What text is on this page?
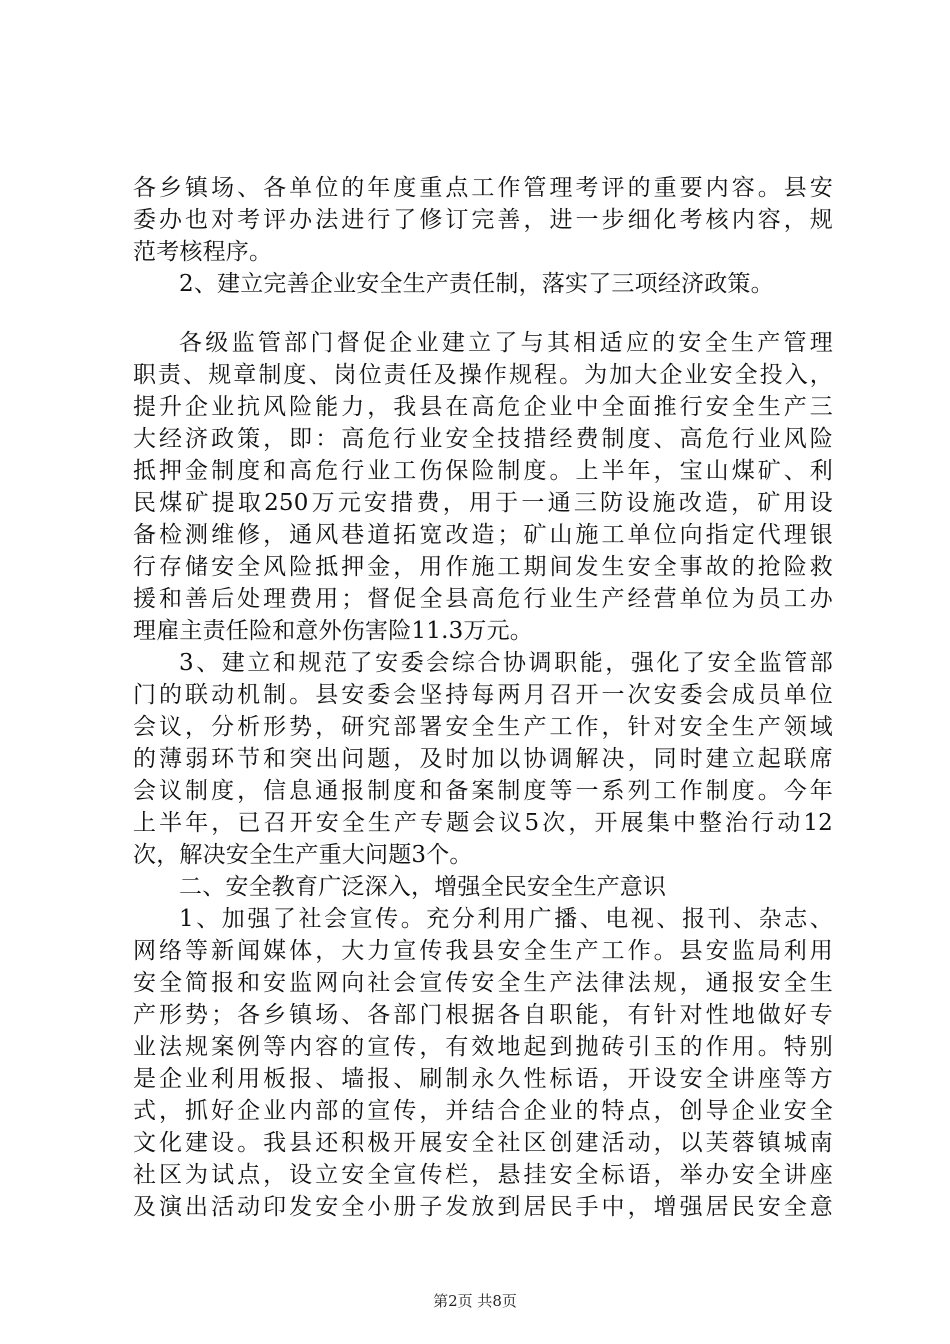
各乡镇场、各单位的年度重点工作管理考评的重要内容。县安
委办也对考评办法进行了修订完善，进一步细化考核内容，规
范考核程序。
2、建立完善企业安全生产责任制，落实了三项经济政策。
各级监管部门督促企业建立了与其相适应的安全生产管理
职责、规章制度、岗位责任及操作规程。为加大企业安全投入，
提升企业抗风险能力，我县在高危企业中全面推行安全生产三
大经济政策，即：高危行业安全技措经费制度、高危行业风险
抵押金制度和高危行业工伤保险制度。上半年，宝山煤矿、利
民煤矿提取250万元安措费，用于一通三防设施改造，矿用设
备检测维修，通风巷道拓宽改造；矿山施工单位向指定代理银
行存储安全风险抵押金，用作施工期间发生安全事故的抢险救
援和善后处理费用；督促全县高危行业生产经营单位为员工办
理雇主责任险和意外伤害险11.3万元。
3、建立和规范了安委会综合协调职能，强化了安全监管部
门的联动机制。县安委会坚持每两月召开一次安委会成员单位
会议，分析形势，研究部署安全生产工作，针对安全生产领域
的薄弱环节和突出问题，及时加以协调解决，同时建立起联席
会议制度，信息通报制度和备案制度等一系列工作制度。今年
上半年，已召开安全生产专题会议5次，开展集中整治行动12
次，解决安全生产重大问题3个。
二、安全教育广泛深入，增强全民安全生产意识
1、加强了社会宣传。充分利用广播、电视、报刊、杂志、
网络等新闻媒体，大力宣传我县安全生产工作。县安监局利用
安全简报和安监网向社会宣传安全生产法律法规，通报安全生
产形势；各乡镇场、各部门根据各自职能，有针对性地做好专
业法规案例等内容的宣传，有效地起到抛砖引玉的作用。特别
是企业利用板报、墙报、刷制永久性标语，开设安全讲座等方
式，抓好企业内部的宣传，并结合企业的特点，创导企业安全
文化建设。我县还积极开展安全社区创建活动，以芙蓉镇城南
社区为试点，设立安全宣传栏，悬挂安全标语，举办安全讲座
及演出活动印发安全小册子发放到居民手中，增强居民安全意
第2页 共8页
